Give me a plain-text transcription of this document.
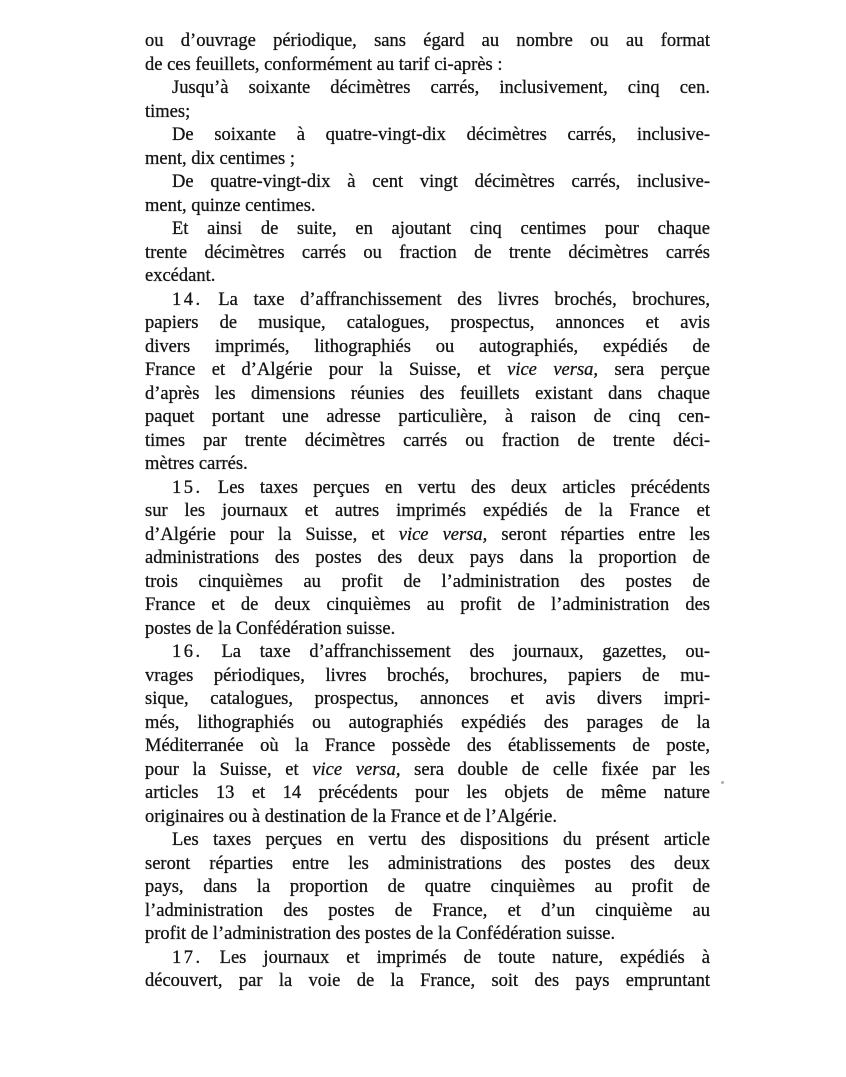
ou d’ouvrage périodique, sans égard au nombre ou au format
de ces feuillets, conformément au tarif ci-après :
Jusqu’à soixante décimètres carrés, inclusivement, cinq cen.
times;
De soixante à quatre-vingt-dix décimètres carrés, inclusive-
ment, dix centimes ;
De quatre-vingt-dix à cent vingt décimètres carrés, inclusive-
ment, quinze centimes.
Et ainsi de suite, en ajoutant cinq centimes pour chaque
trente décimètres carrés ou fraction de trente décimètres carrés
excédant.
14. La taxe d’affranchissement des livres brochés, brochures,
papiers de musique, catalogues, prospectus, annonces et avis
divers imprimés, lithographiés ou autographiés, expédiés de
France et d’Algérie pour la Suisse, et vice versa, sera perçue
d’après les dimensions réunies des feuillets existant dans chaque
paquet portant une adresse particulière, à raison de cinq cen-
times par trente décimètres carrés ou fraction de trente déci-
mètres carrés.
15. Les taxes perçues en vertu des deux articles précédents
sur les journaux et autres imprimés expédiés de la France et
d’Algérie pour la Suisse, et vice versa, seront réparties entre les
administrations des postes des deux pays dans la proportion de
trois cinquièmes au profit de l’administration des postes de
France et de deux cinquièmes au profit de l’administration des
postes de la Confédération suisse.
16. La taxe d’affranchissement des journaux, gazettes, ou-
vrages périodiques, livres brochés, brochures, papiers de mu-
sique, catalogues, prospectus, annonces et avis divers impri-
més, lithographiés ou autographiés expédiés des parages de la
Méditerranée où la France possède des établissements de poste,
pour la Suisse, et vice versa, sera double de celle fixée par les
articles 13 et 14 précédents pour les objets de même nature
originaires ou à destination de la France et de l’Algérie.
Les taxes perçues en vertu des dispositions du présent article
seront réparties entre les administrations des postes des deux
pays, dans la proportion de quatre cinquièmes au profit de
l’administration des postes de France, et d’un cinquième au
profit de l’administration des postes de la Confédération suisse.
17. Les journaux et imprimés de toute nature, expédiés à
découvert, par la voie de la France, soit des pays empruntant
